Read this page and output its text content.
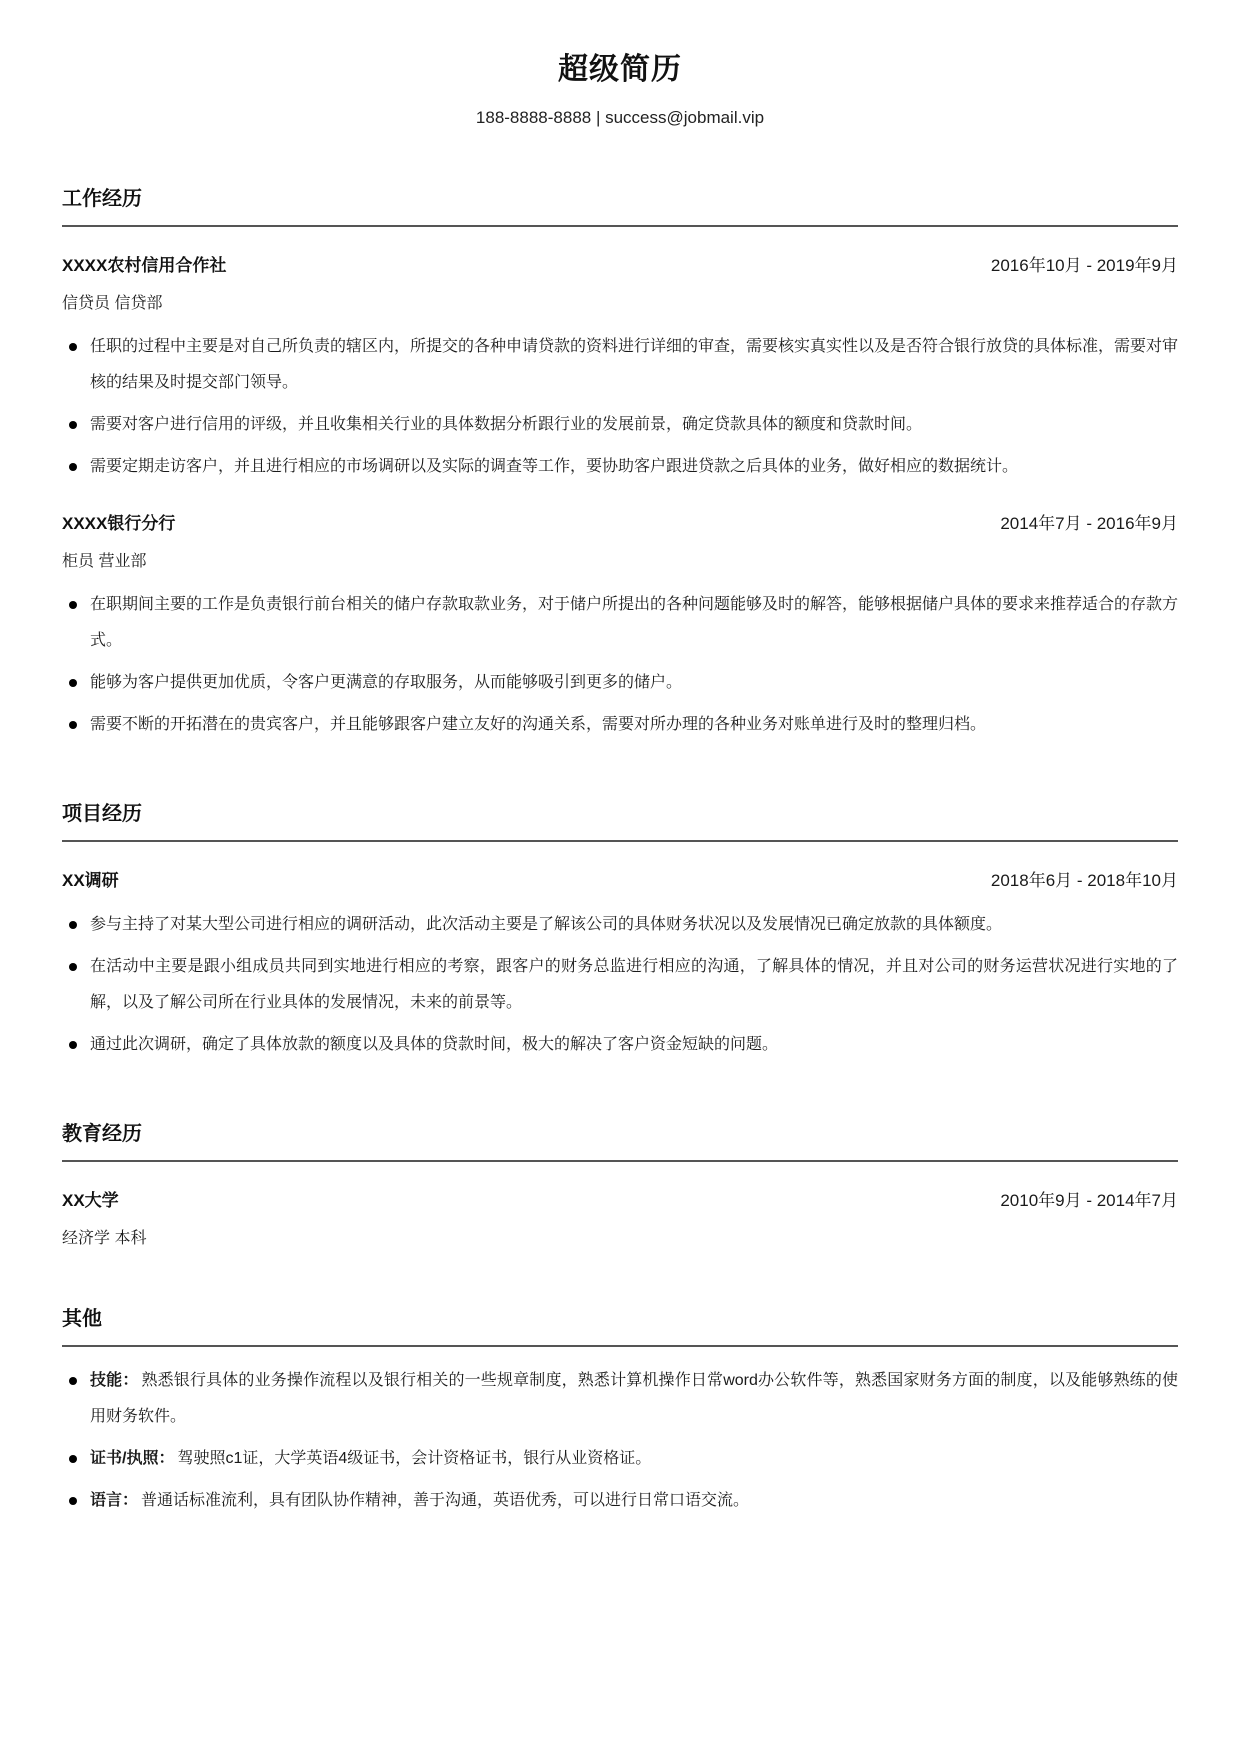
超级简历
188-8888-8888 | success@jobmail.vip
工作经历
XXXX农村信用合作社	2016年10月 - 2019年9月
信贷员 信贷部
任职的过程中主要是对自己所负责的辖区内，所提交的各种申请贷款的资料进行详细的审查，需要核实真实性以及是否符合银行放贷的具体标准，需要对审核的结果及时提交部门领导。
需要对客户进行信用的评级，并且收集相关行业的具体数据分析跟行业的发展前景，确定贷款具体的额度和贷款时间。
需要定期走访客户，并且进行相应的市场调研以及实际的调查等工作，要协助客户跟进贷款之后具体的业务，做好相应的数据统计。
XXXX银行分行	2014年7月 - 2016年9月
柜员 营业部
在职期间主要的工作是负责银行前台相关的储户存款取款业务，对于储户所提出的各种问题能够及时的解答，能够根据储户具体的要求来推荐适合的存款方式。
能够为客户提供更加优质，令客户更满意的存取服务，从而能够吸引到更多的储户。
需要不断的开拓潜在的贵宾客户，并且能够跟客户建立友好的沟通关系，需要对所办理的各种业务对账单进行及时的整理归档。
项目经历
XX调研	2018年6月 - 2018年10月
参与主持了对某大型公司进行相应的调研活动，此次活动主要是了解该公司的具体财务状况以及发展情况已确定放款的具体额度。
在活动中主要是跟小组成员共同到实地进行相应的考察，跟客户的财务总监进行相应的沟通，了解具体的情况，并且对公司的财务运营状况进行实地的了解，以及了解公司所在行业具体的发展情况，未来的前景等。
通过此次调研，确定了具体放款的额度以及具体的贷款时间，极大的解决了客户资金短缺的问题。
教育经历
XX大学	2010年9月 - 2014年7月
经济学 本科
其他
技能： 熟悉银行具体的业务操作流程以及银行相关的一些规章制度，熟悉计算机操作日常word办公软件等，熟悉国家财务方面的制度，以及能够熟练的使用财务软件。
证书/执照： 驾驶照c1证，大学英语4级证书，会计资格证书，银行从业资格证。
语言： 普通话标准流利，具有团队协作精神，善于沟通，英语优秀，可以进行日常口语交流。
